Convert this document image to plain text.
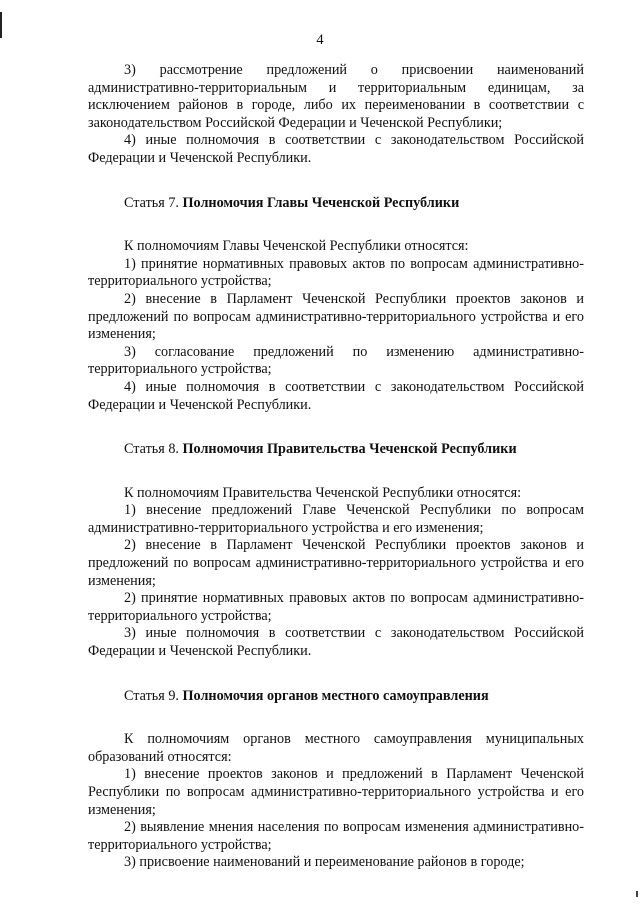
4

3) рассмотрение предложений о присвоении наименований административно-территориальным и территориальным единицам, за исключением районов в городе, либо их переименовании в соответствии с законодательством Российской Федерации и Чеченской Республики;

4) иные полномочия в соответствии с законодательством Российской Федерации и Чеченской Республики.

Статья 7. Полномочия Главы Чеченской Республики

К полномочиям Главы Чеченской Республики относятся:

1) принятие нормативных правовых актов по вопросам административно-территориального устройства;

2) внесение в Парламент Чеченской Республики проектов законов и предложений по вопросам административно-территориального устройства и его изменения;

3) согласование предложений по изменению административно-территориального устройства;

4) иные полномочия в соответствии с законодательством Российской Федерации и Чеченской Республики.

Статья 8. Полномочия Правительства Чеченской Республики

К полномочиям Правительства Чеченской Республики относятся:

1) внесение предложений Главе Чеченской Республики по вопросам административно-территориального устройства и его изменения;

2) внесение в Парламент Чеченской Республики проектов законов и предложений по вопросам административно-территориального устройства и его изменения;

2) принятие нормативных правовых актов по вопросам административно-территориального устройства;

3) иные полномочия в соответствии с законодательством Российской Федерации и Чеченской Республики.

Статья 9. Полномочия органов местного самоуправления

К полномочиям органов местного самоуправления муниципальных образований относятся:

1) внесение проектов законов и предложений в Парламент Чеченской Республики по вопросам административно-территориального устройства и его изменения;

2) выявление мнения населения по вопросам изменения административно-территориального устройства;

3) присвоение наименований и переименование районов в городе;
